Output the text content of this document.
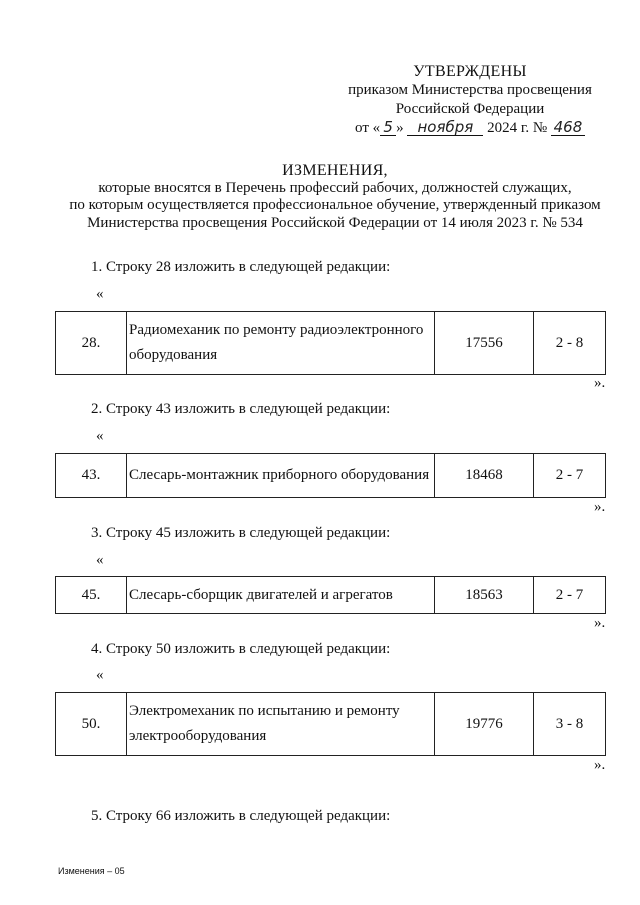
УТВЕРЖДЕНЫ
приказом Министерства просвещения
Российской Федерации
от « 5 » ноября 2024 г. № 468
ИЗМЕНЕНИЯ,
которые вносятся в Перечень профессий рабочих, должностей служащих,
по которым осуществляется профессиональное обучение, утвержденный приказом
Министерства просвещения Российской Федерации от 14 июля 2023 г. № 534
1. Строку 28 изложить в следующей редакции:
«
28.	Радиомеханик по ремонту радиоэлектронного оборудования	17556	2 - 8
».
2. Строку 43 изложить в следующей редакции:
«
43.	Слесарь-монтажник приборного оборудования	18468	2 - 7
».
3. Строку 45 изложить в следующей редакции:
«
45.	Слесарь-сборщик двигателей и агрегатов	18563	2 - 7
».
4. Строку 50 изложить в следующей редакции:
«
50.	Электромеханик по испытанию и ремонту электрооборудования	19776	3 - 8
».
5. Строку 66 изложить в следующей редакции:
Изменения – 05
